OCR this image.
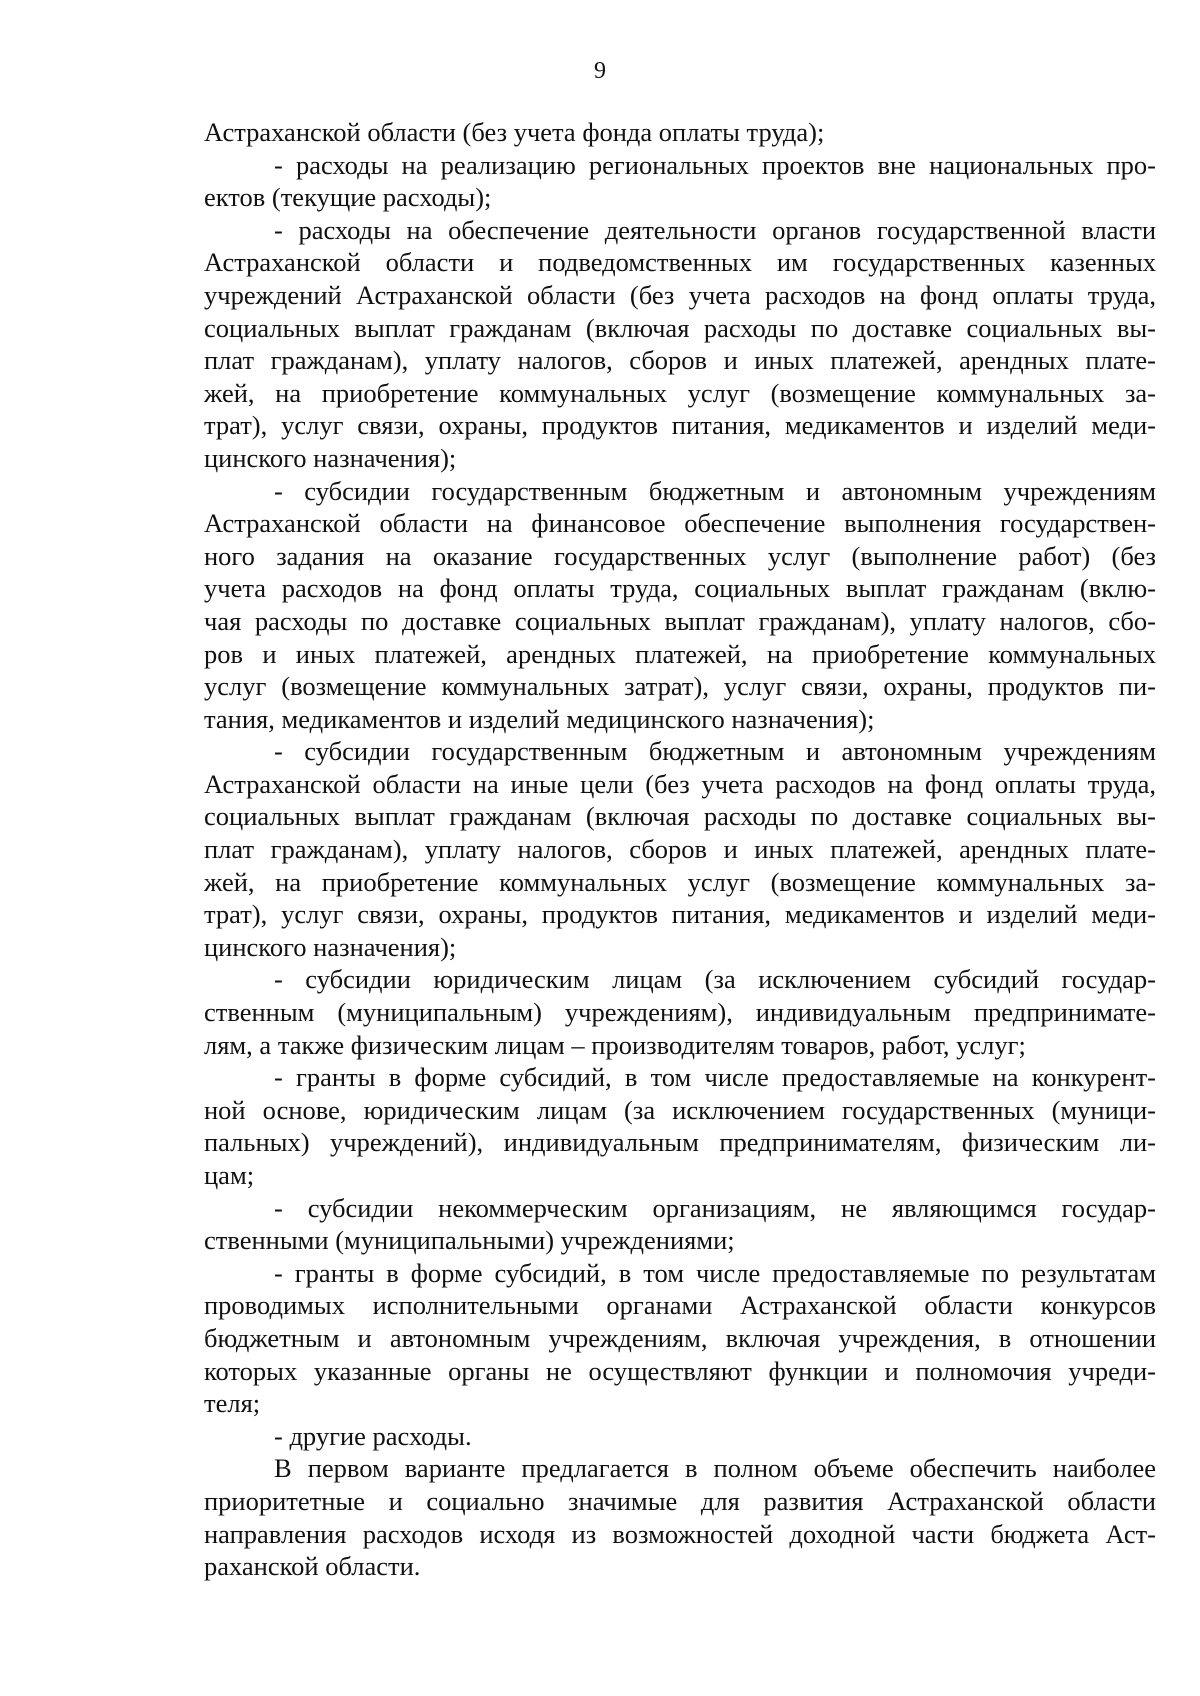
9
Астраханской области (без учета фонда оплаты труда);
- расходы на реализацию региональных проектов вне национальных про-
ектов (текущие расходы);
- расходы на обеспечение деятельности органов государственной власти
Астраханской области и подведомственных им государственных казенных
учреждений Астраханской области (без учета расходов на фонд оплаты труда,
социальных выплат гражданам (включая расходы по доставке социальных вы-
плат гражданам), уплату налогов, сборов и иных платежей, арендных плате-
жей, на приобретение коммунальных услуг (возмещение коммунальных за-
трат), услуг связи, охраны, продуктов питания, медикаментов и изделий меди-
цинского назначения);
- субсидии государственным бюджетным и автономным учреждениям
Астраханской области на финансовое обеспечение выполнения государствен-
ного задания на оказание государственных услуг (выполнение работ) (без
учета расходов на фонд оплаты труда, социальных выплат гражданам (вклю-
чая расходы по доставке социальных выплат гражданам), уплату налогов, сбо-
ров и иных платежей, арендных платежей, на приобретение коммунальных
услуг (возмещение коммунальных затрат), услуг связи, охраны, продуктов пи-
тания, медикаментов и изделий медицинского назначения);
- субсидии государственным бюджетным и автономным учреждениям
Астраханской области на иные цели (без учета расходов на фонд оплаты труда,
социальных выплат гражданам (включая расходы по доставке социальных вы-
плат гражданам), уплату налогов, сборов и иных платежей, арендных плате-
жей, на приобретение коммунальных услуг (возмещение коммунальных за-
трат), услуг связи, охраны, продуктов питания, медикаментов и изделий меди-
цинского назначения);
- субсидии юридическим лицам (за исключением субсидий государ-
ственным (муниципальным) учреждениям), индивидуальным предпринимате-
лям, а также физическим лицам – производителям товаров, работ, услуг;
- гранты в форме субсидий, в том числе предоставляемые на конкурент-
ной основе, юридическим лицам (за исключением государственных (муници-
пальных) учреждений), индивидуальным предпринимателям, физическим ли-
цам;
- субсидии некоммерческим организациям, не являющимся государ-
ственными (муниципальными) учреждениями;
- гранты в форме субсидий, в том числе предоставляемые по результатам
проводимых исполнительными органами Астраханской области конкурсов
бюджетным и автономным учреждениям, включая учреждения, в отношении
которых указанные органы не осуществляют функции и полномочия учреди-
теля;
- другие расходы.
В первом варианте предлагается в полном объеме обеспечить наиболее
приоритетные и социально значимые для развития Астраханской области
направления расходов исходя из возможностей доходной части бюджета Аст-
раханской области.
